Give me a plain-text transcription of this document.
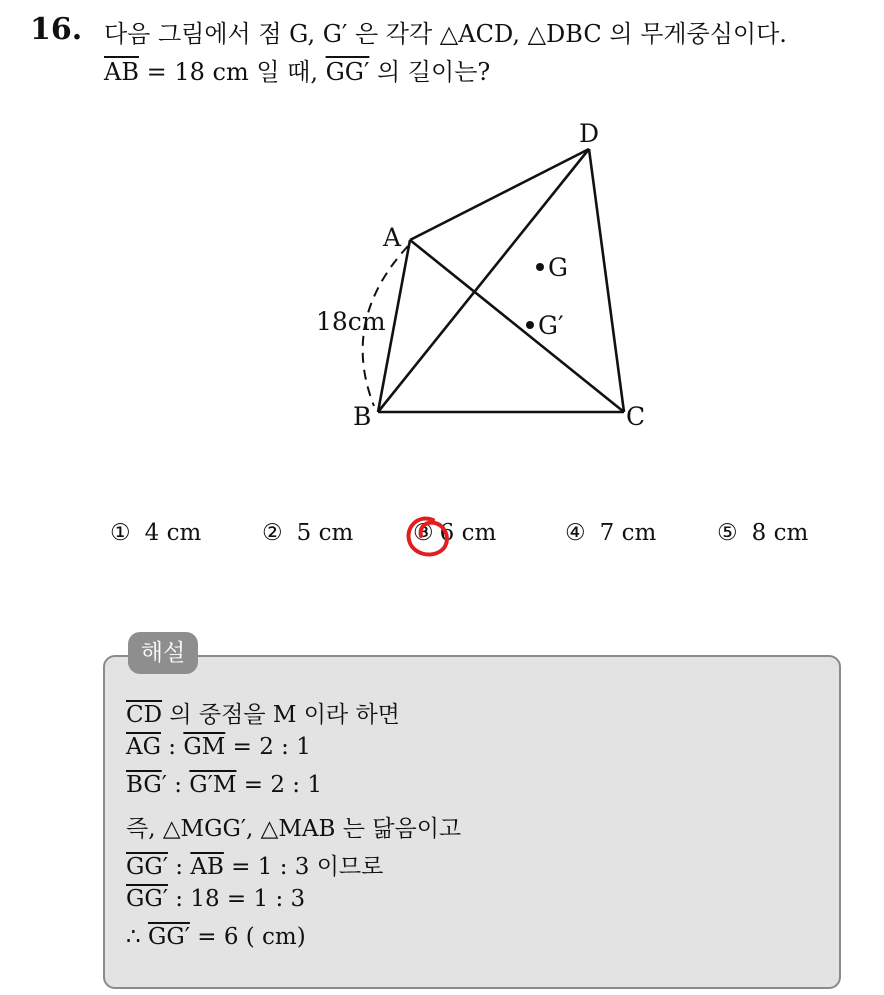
16. 다음 그림에서 점 G, G′ 은 각각 △ACD, △DBC 의 무게중심이다.
$\overline{AB} = 18$ cm 일 때, GG′ 의 길이는?
A
B	C
D
G
G′
18cm
① 4 cm	② 5 cm	③ 6 cm	④ 7 cm	⑤ 8 cm
해설
$\overline{CD}$ 의 중점을 M 이라 하면
$\overline{AG}$ : $\overline{GM} = 2$ : 1
$\overline{BG}'$ : G′M = 2 : 1
즉, △MGG′, △MAB 는 닮음이고
GG′ : $\overline{AB} = 1$ : 3 이므로
GG′ : 18 = 1 : 3
∴ GG′ = 6 ( cm)
